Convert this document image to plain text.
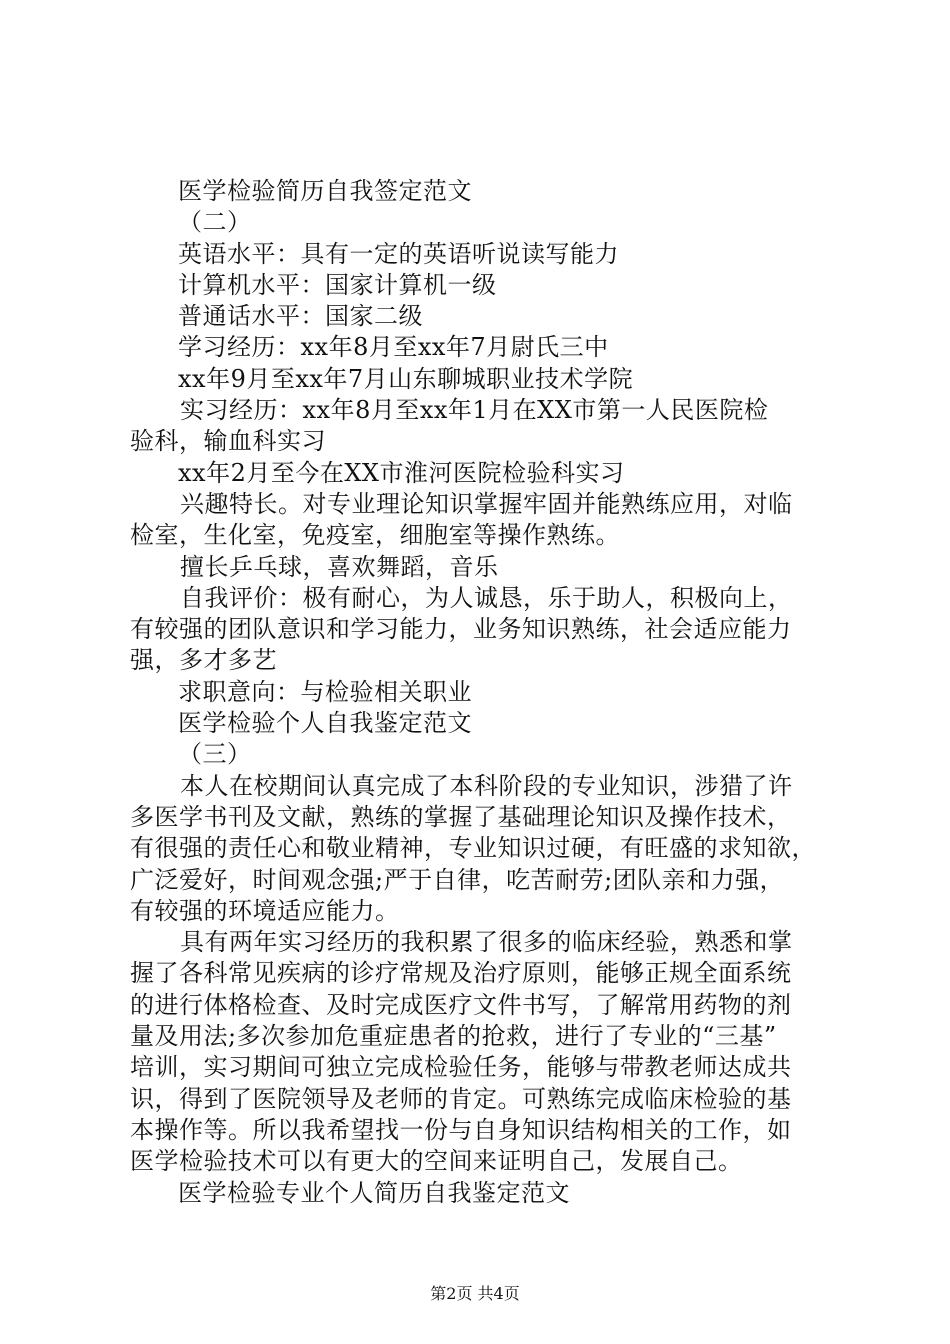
医学检验简历自我签定范文
（二）
英语水平：具有一定的英语听说读写能力
计算机水平：国家计算机一级
普通话水平：国家二级
学习经历：xx年8月至xx年7月尉氏三中
xx年9月至xx年7月山东聊城职业技术学院
实习经历：xx年8月至xx年1月在XX市第一人民医院检
验科，输血科实习
xx年2月至今在XX市淮河医院检验科实习
兴趣特长。对专业理论知识掌握牢固并能熟练应用，对临
检室，生化室，免疫室，细胞室等操作熟练。
擅长乒乓球，喜欢舞蹈，音乐
自我评价：极有耐心，为人诚恳，乐于助人，积极向上，
有较强的团队意识和学习能力，业务知识熟练，社会适应能力
强，多才多艺
求职意向：与检验相关职业
医学检验个人自我鉴定范文
（三）
本人在校期间认真完成了本科阶段的专业知识，涉猎了许
多医学书刊及文献，熟练的掌握了基础理论知识及操作技术，
有很强的责任心和敬业精神，专业知识过硬，有旺盛的求知欲，
广泛爱好，时间观念强;严于自律，吃苦耐劳;团队亲和力强，
有较强的环境适应能力。
具有两年实习经历的我积累了很多的临床经验，熟悉和掌
握了各科常见疾病的诊疗常规及治疗原则，能够正规全面系统
的进行体格检查、及时完成医疗文件书写，了解常用药物的剂
量及用法;多次参加危重症患者的抢救，进行了专业的“三基”
培训，实习期间可独立完成检验任务，能够与带教老师达成共
识，得到了医院领导及老师的肯定。可熟练完成临床检验的基
本操作等。所以我希望找一份与自身知识结构相关的工作，如
医学检验技术可以有更大的空间来证明自己，发展自己。
医学检验专业个人简历自我鉴定范文
第2页 共4页
